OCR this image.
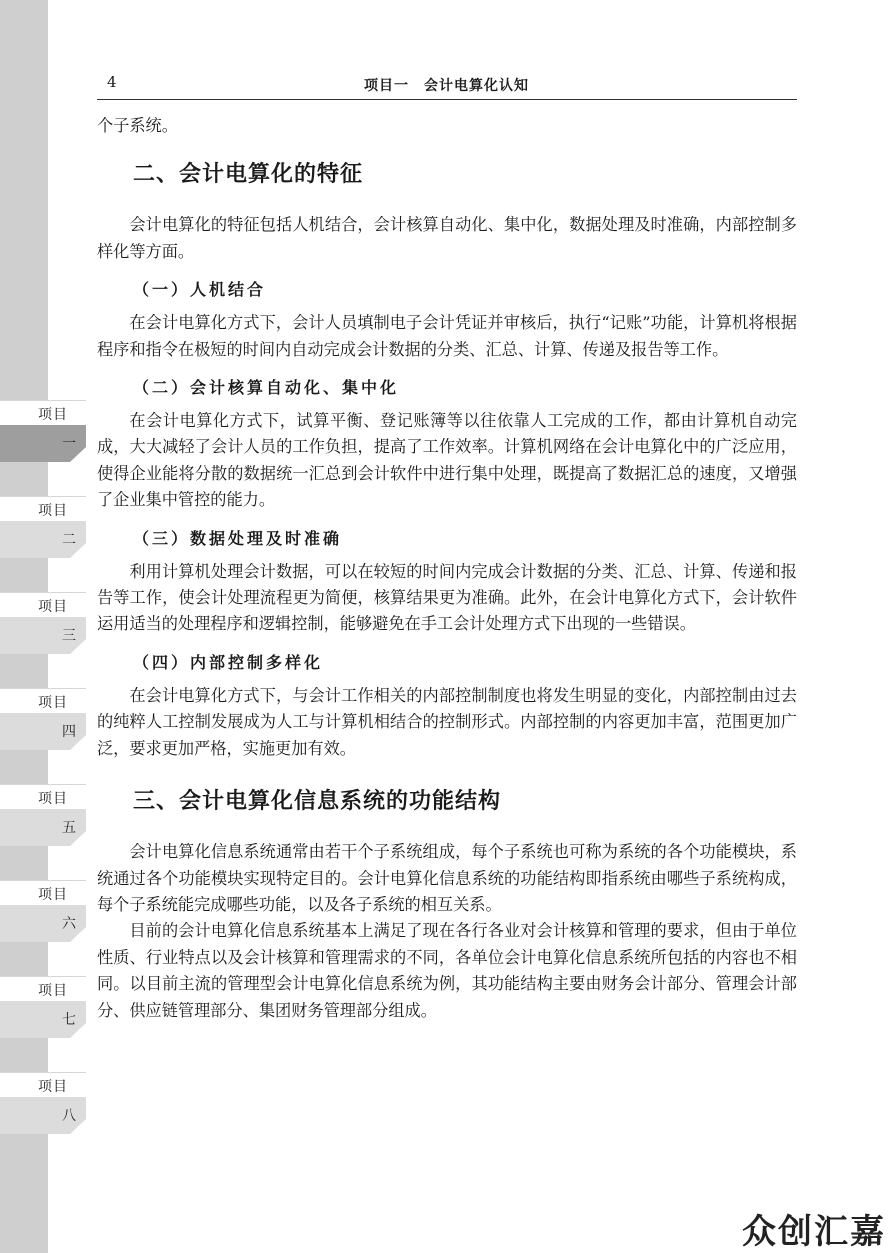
项目
一
项目
二
项目
三
项目
四
项目
五
项目
六
项目
七
项目
八
4	项目一　会计电算化认知

个子系统。

二、会计电算化的特征

会计电算化的特征包括人机结合，会计核算自动化、集中化，数据处理及时准确，内部控制多样化等方面。

（一）人机结合

在会计电算化方式下，会计人员填制电子会计凭证并审核后，执行“记账”功能，计算机将根据程序和指令在极短的时间内自动完成会计数据的分类、汇总、计算、传递及报告等工作。

（二）会计核算自动化、集中化

在会计电算化方式下，试算平衡、登记账簿等以往依靠人工完成的工作，都由计算机自动完成，大大减轻了会计人员的工作负担，提高了工作效率。计算机网络在会计电算化中的广泛应用，使得企业能将分散的数据统一汇总到会计软件中进行集中处理，既提高了数据汇总的速度，又增强了企业集中管控的能力。

（三）数据处理及时准确

利用计算机处理会计数据，可以在较短的时间内完成会计数据的分类、汇总、计算、传递和报告等工作，使会计处理流程更为简便，核算结果更为准确。此外，在会计电算化方式下，会计软件运用适当的处理程序和逻辑控制，能够避免在手工会计处理方式下出现的一些错误。

（四）内部控制多样化

在会计电算化方式下，与会计工作相关的内部控制制度也将发生明显的变化，内部控制由过去的纯粹人工控制发展成为人工与计算机相结合的控制形式。内部控制的内容更加丰富，范围更加广泛，要求更加严格，实施更加有效。

三、会计电算化信息系统的功能结构

会计电算化信息系统通常由若干个子系统组成，每个子系统也可称为系统的各个功能模块，系统通过各个功能模块实现特定目的。会计电算化信息系统的功能结构即指系统由哪些子系统构成，每个子系统能完成哪些功能，以及各子系统的相互关系。

目前的会计电算化信息系统基本上满足了现在各行各业对会计核算和管理的要求，但由于单位性质、行业特点以及会计核算和管理需求的不同，各单位会计电算化信息系统所包括的内容也不相同。以目前主流的管理型会计电算化信息系统为例，其功能结构主要由财务会计部分、管理会计部分、供应链管理部分、集团财务管理部分组成。

众创汇嘉
